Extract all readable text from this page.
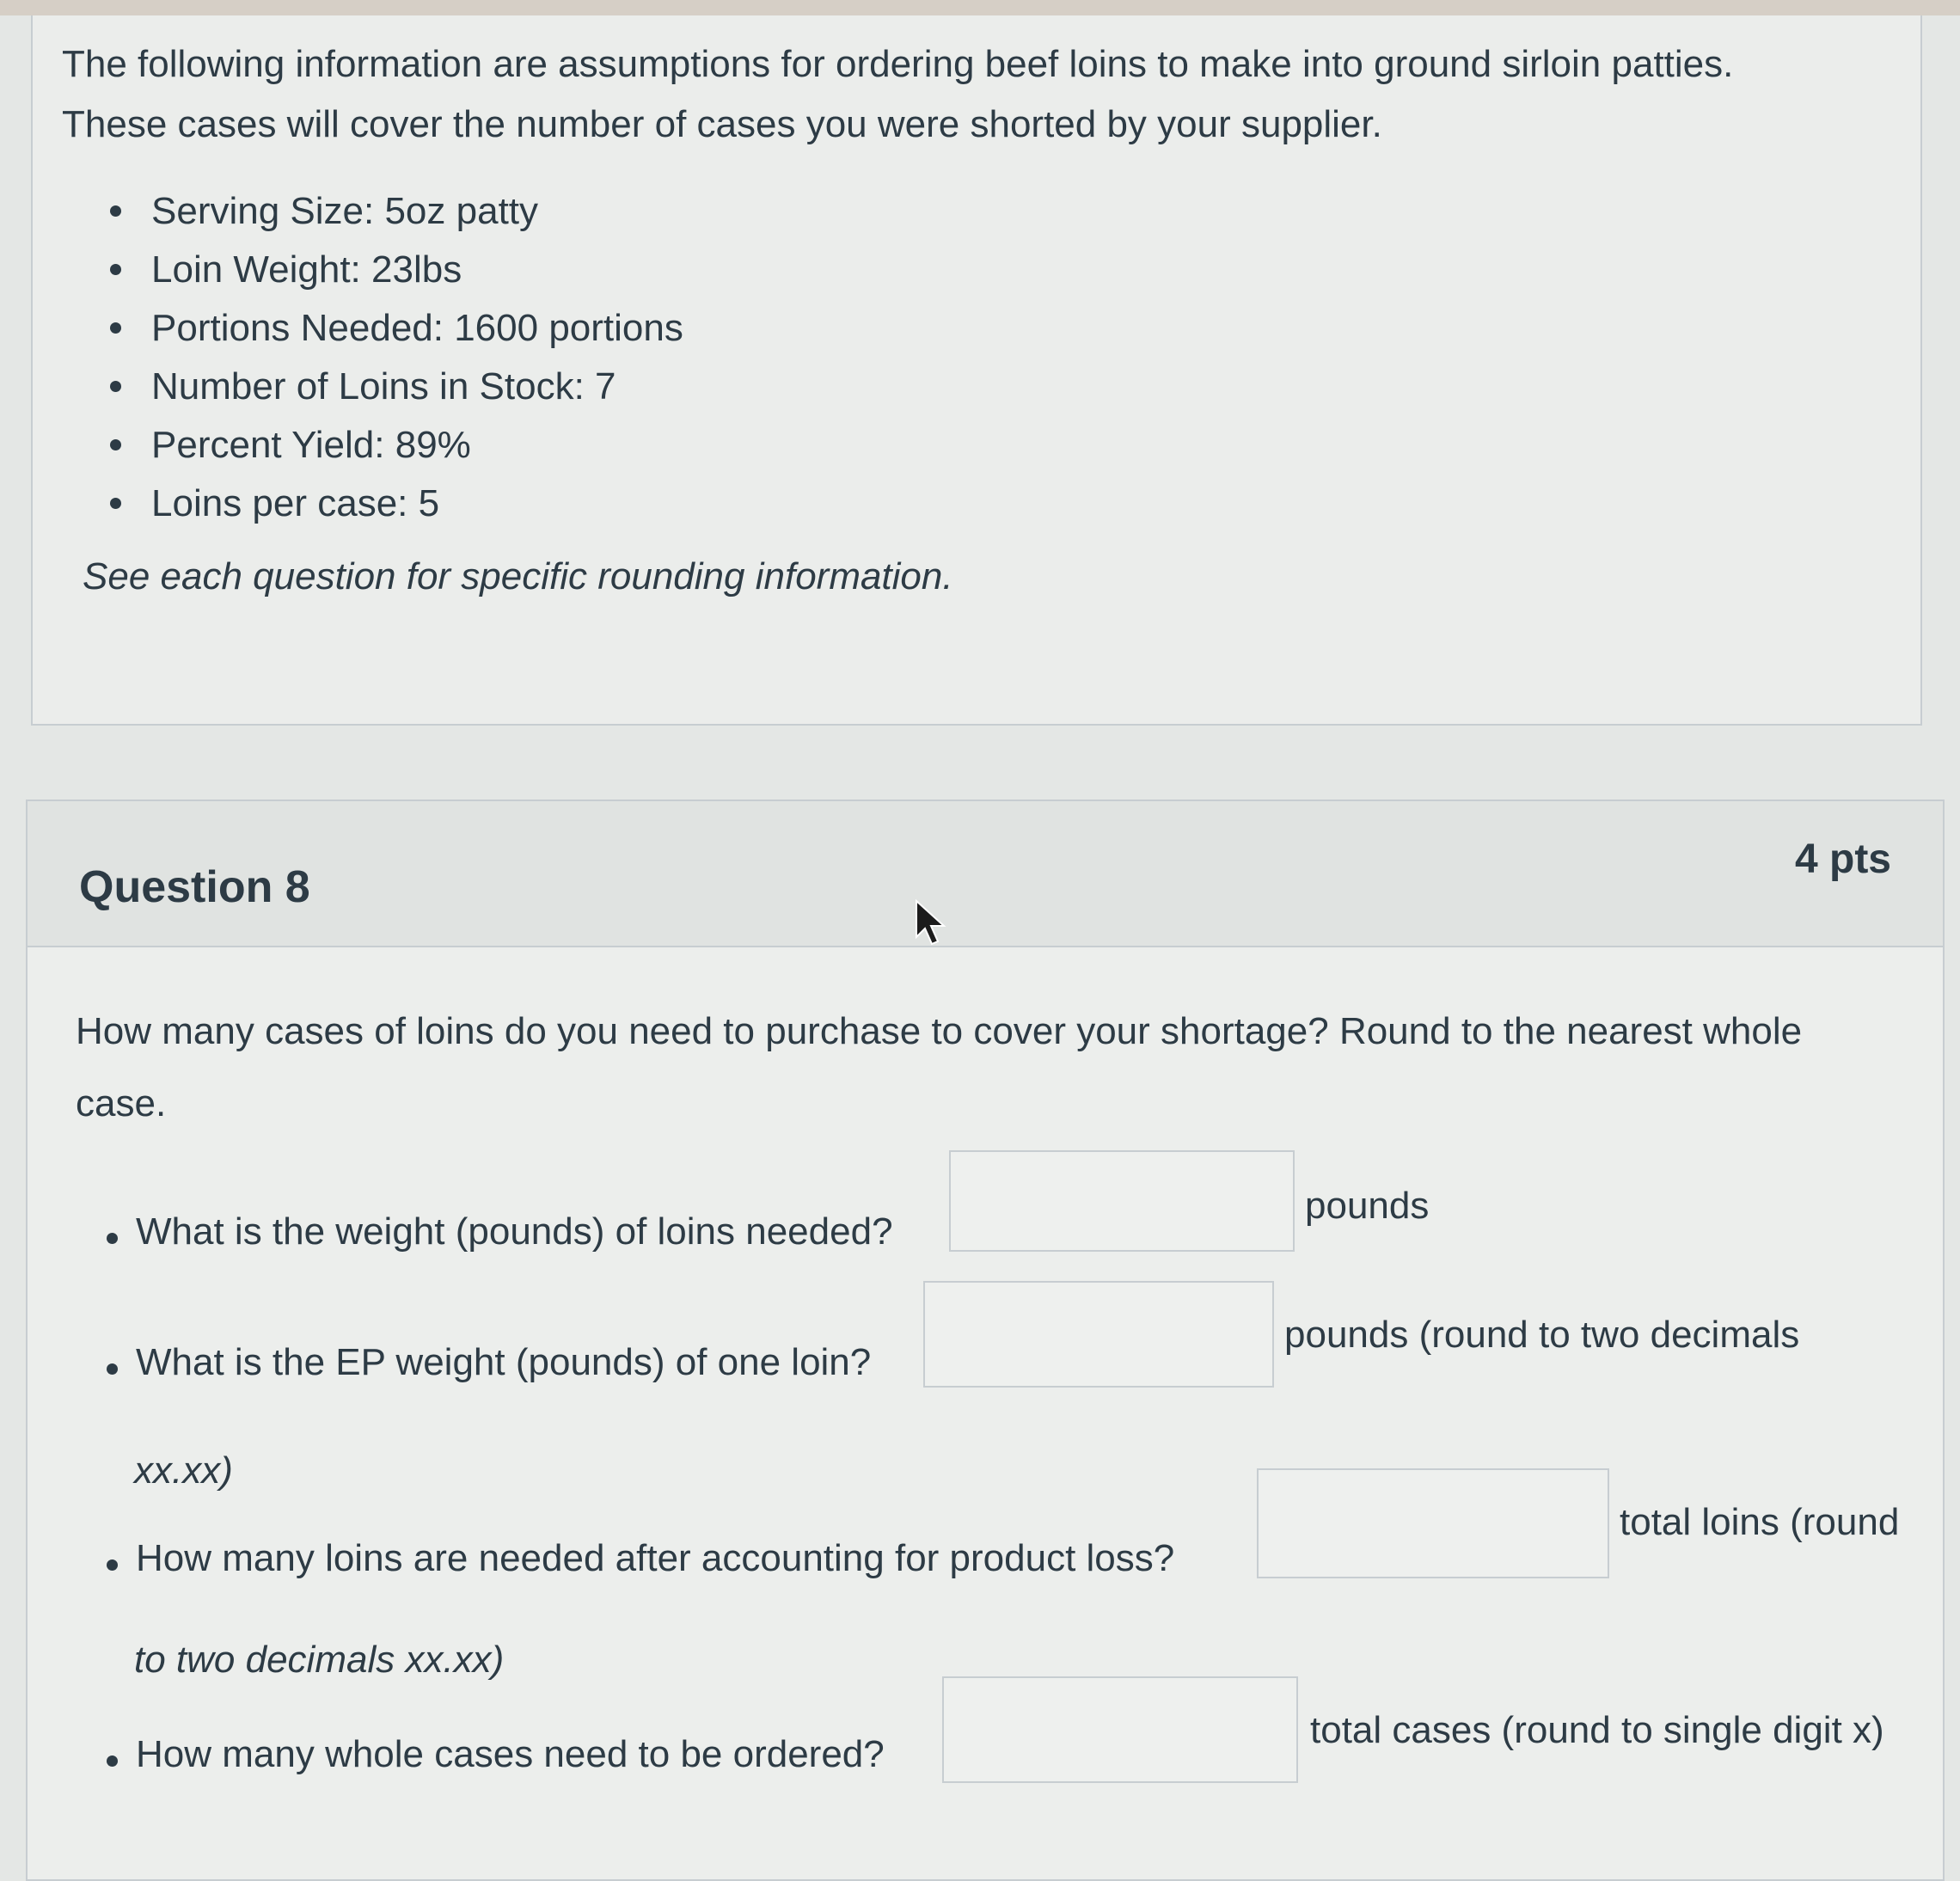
The following information are assumptions for ordering beef loins to make into ground sirloin patties.
These cases will cover the number of cases you were shorted by your supplier.
Serving Size: 5oz patty
Loin Weight: 23lbs
Portions Needed: 1600 portions
Number of Loins in Stock: 7
Percent Yield: 89%
Loins per case: 5
See each question for specific rounding information.
Question 8
4 pts
How many cases of loins do you need to purchase to cover your shortage? Round to the nearest whole
case.
What is the weight (pounds) of loins needed?
pounds
What is the EP weight (pounds) of one loin?
pounds (round to two decimals
xx.xx)
How many loins are needed after accounting for product loss?
total loins (round
to two decimals xx.xx)
How many whole cases need to be ordered?
total cases (round to single digit x)
